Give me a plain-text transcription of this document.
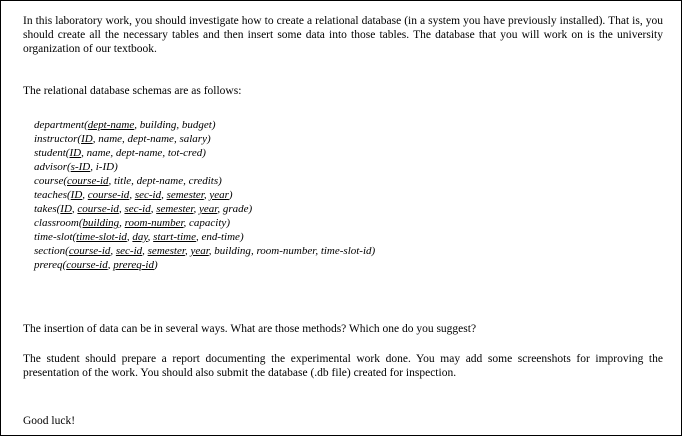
In this laboratory work, you should investigate how to create a relational database (in a system you have previously installed). That is, you should create all the necessary tables and then insert some data into those tables. The database that you will work on is the university organization of our textbook.
The relational database schemas are as follows:
department(dept-name, building, budget)
instructor(ID, name, dept-name, salary)
student(ID, name, dept-name, tot-cred)
advisor(s-ID, i-ID)
course(course-id, title, dept-name, credits)
teaches(ID, course-id, sec-id, semester, year)
takes(ID, course-id, sec-id, semester, year, grade)
classroom(building, room-number, capacity)
time-slot(time-slot-id, day, start-time, end-time)
section(course-id, sec-id, semester, year, building, room-number, time-slot-id)
prereq(course-id, prereq-id)
The insertion of data can be in several ways. What are those methods? Which one do you suggest?
The student should prepare a report documenting the experimental work done. You may add some screenshots for improving the presentation of the work. You should also submit the database (.db file) created for inspection.
Good luck!
